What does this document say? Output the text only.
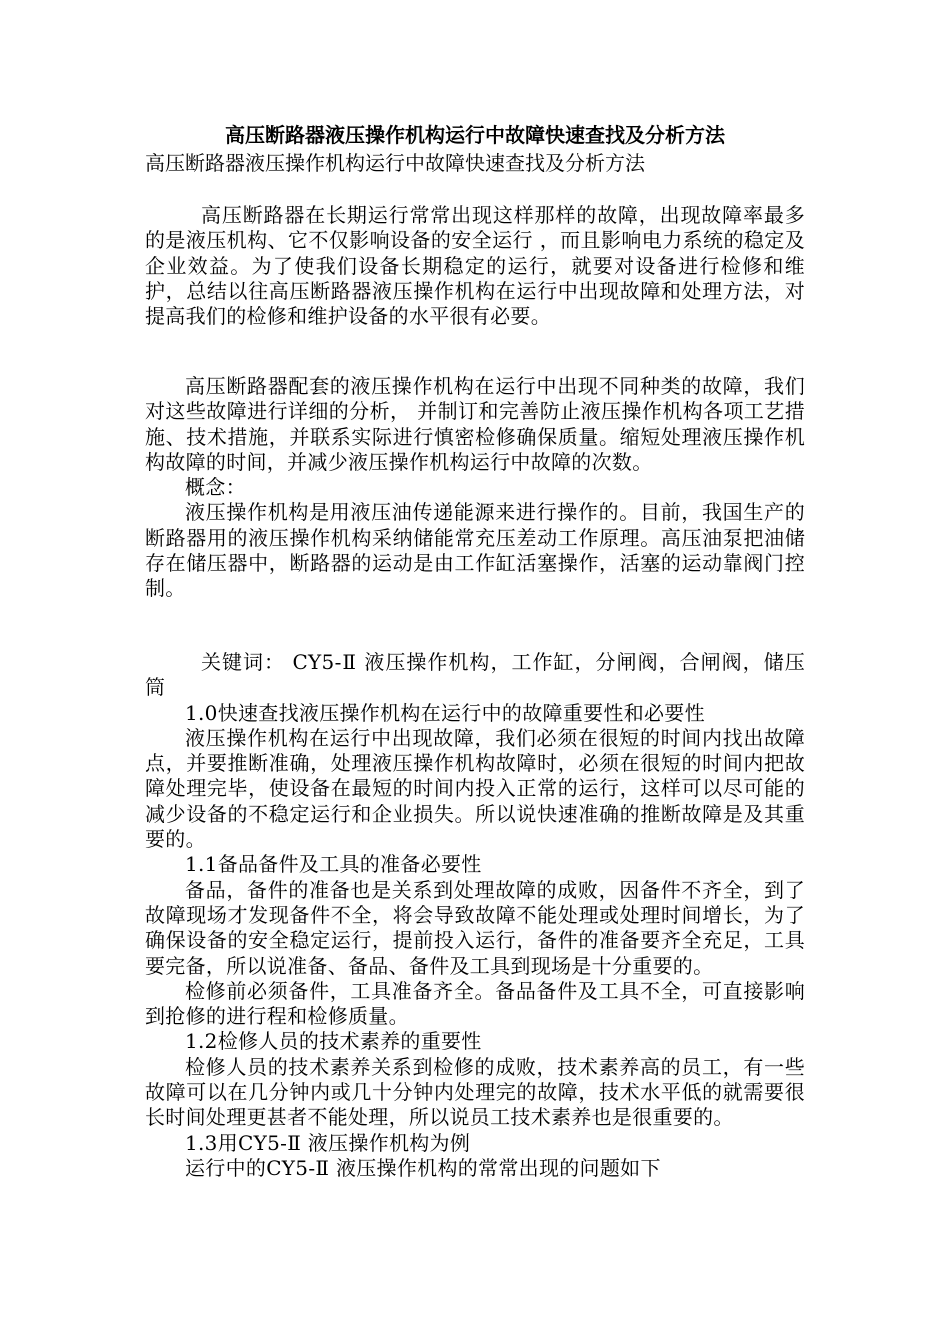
高压断路器液压操作机构运行中故障快速查找及分析方法
高压断路器液压操作机构运行中故障快速查找及分析方法

高压断路器在长期运行常常出现这样那样的故障，出现故障率最多的是液压机构、它不仅影响设备的安全运行 ，而且影响电力系统的稳定及企业效益。为了使我们设备长期稳定的运行，就要对设备进行检修和维护，总结以往高压断路器液压操作机构在运行中出现故障和处理方法，对提高我们的检修和维护设备的水平很有必要。

高压断路器配套的液压操作机构在运行中出现不同种类的故障，我们对这些故障进行详细的分析， 并制订和完善防止液压操作机构各项工艺措施、技术措施，并联系实际进行慎密检修确保质量。缩短处理液压操作机构故障的时间，并减少液压操作机构运行中故障的次数。

概念：

液压操作机构是用液压油传递能源来进行操作的。目前，我国生产的断路器用的液压操作机构采纳储能常充压差动工作原理。高压油泵把油储存在储压器中，断路器的运动是由工作缸活塞操作，活塞的运动靠阀门控制。

关键词： CY5-Ⅱ 液压操作机构，工作缸，分闸阀，合闸阀，储压筒

1.0快速查找液压操作机构在运行中的故障重要性和必要性

液压操作机构在运行中出现故障，我们必须在很短的时间内找出故障点，并要推断准确，处理液压操作机构故障时，必须在很短的时间内把故障处理完毕，使设备在最短的时间内投入正常的运行，这样可以尽可能的减少设备的不稳定运行和企业损失。所以说快速准确的推断故障是及其重要的。

1.1备品备件及工具的准备必要性

备品，备件的准备也是关系到处理故障的成败，因备件不齐全，到了故障现场才发现备件不全，将会导致故障不能处理或处理时间增长，为了确保设备的安全稳定运行，提前投入运行，备件的准备要齐全充足，工具要完备，所以说准备、备品、备件及工具到现场是十分重要的。

检修前必须备件，工具准备齐全。备品备件及工具不全，可直接影响到抢修的进行程和检修质量。

1.2检修人员的技术素养的重要性

检修人员的技术素养关系到检修的成败，技术素养高的员工，有一些故障可以在几分钟内或几十分钟内处理完的故障，技术水平低的就需要很长时间处理更甚者不能处理，所以说员工技术素养也是很重要的。

1.3用CY5-Ⅱ 液压操作机构为例

运行中的CY5-Ⅱ 液压操作机构的常常出现的问题如下
